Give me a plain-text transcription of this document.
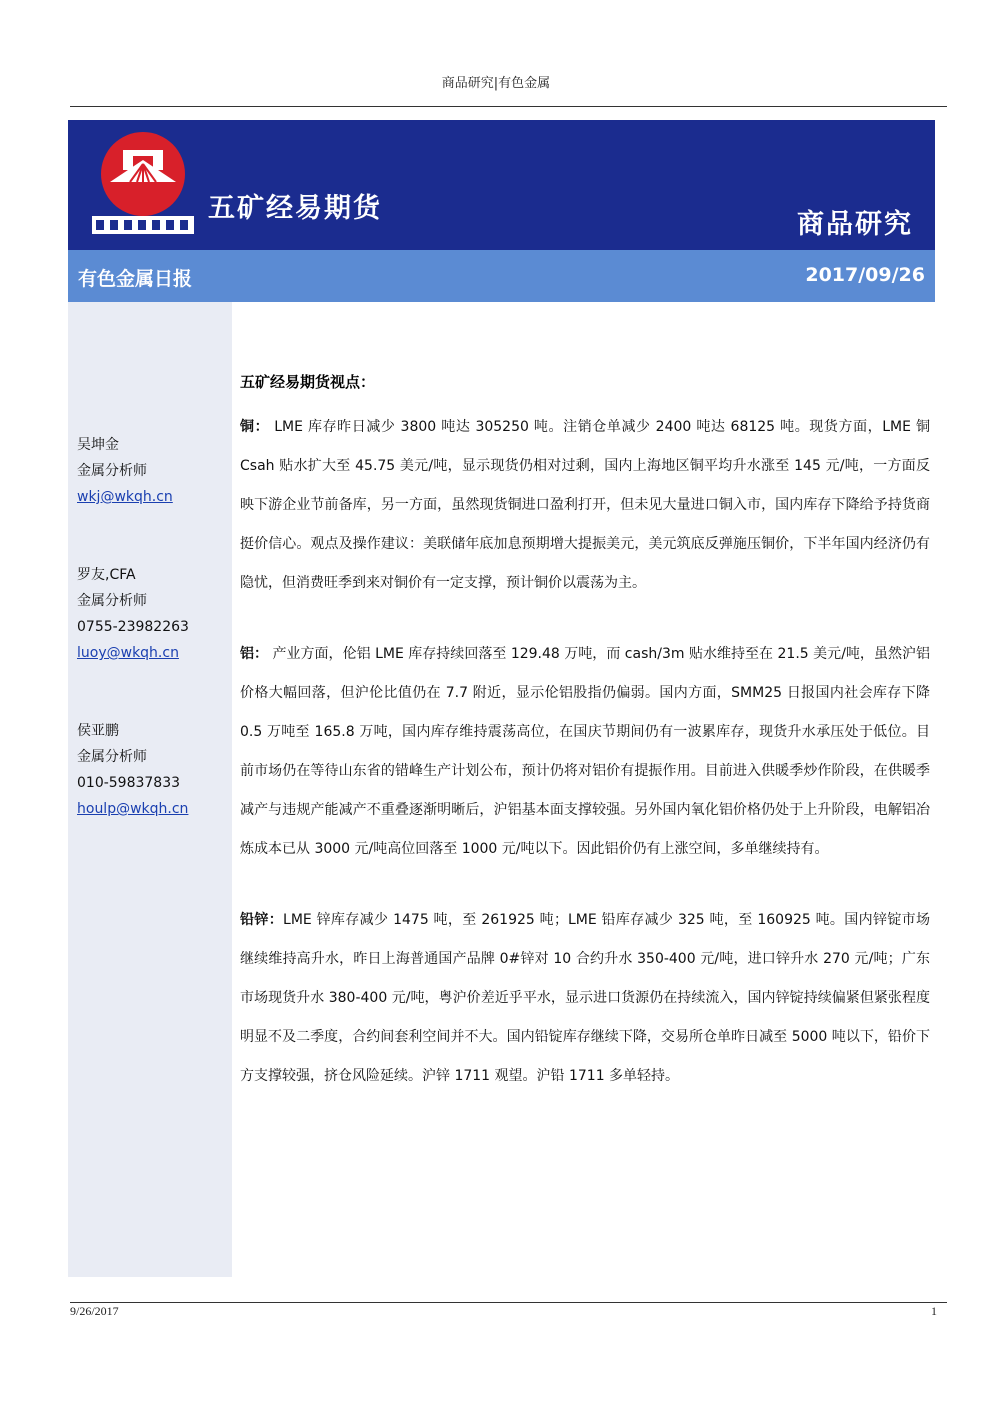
商品研究|有色金属
五矿经易期货
商品研究
有色金属日报	2017/09/26
吴坤金
金属分析师
wkj@wkqh.cn
罗友,CFA
金属分析师
0755-23982263
luoy@wkqh.cn
侯亚鹏
金属分析师
010-59837833
houlp@wkqh.cn
五矿经易期货视点：

铜： LME 库存昨日减少 3800 吨达 305250 吨。注销仓单减少 2400 吨达 68125 吨。现货方面，LME 铜 Csah 贴水扩大至 45.75 美元/吨，显示现货仍相对过剩，国内上海地区铜平均升水涨至 145 元/吨，一方面反映下游企业节前备库，另一方面，虽然现货铜进口盈利打开，但未见大量进口铜入市，国内库存下降给予持货商挺价信心。观点及操作建议：美联储年底加息预期增大提振美元，美元筑底反弹施压铜价，下半年国内经济仍有隐忧，但消费旺季到来对铜价有一定支撑，预计铜价以震荡为主。

铝： 产业方面，伦铝 LME 库存持续回落至 129.48 万吨，而 cash/3m 贴水维持至在 21.5 美元/吨，虽然沪铝价格大幅回落，但沪伦比值仍在 7.7 附近，显示伦铝股指仍偏弱。国内方面，SMM25 日报国内社会库存下降 0.5 万吨至 165.8 万吨，国内库存维持震荡高位，在国庆节期间仍有一波累库存，现货升水承压处于低位。目前市场仍在等待山东省的错峰生产计划公布，预计仍将对铝价有提振作用。目前进入供暖季炒作阶段，在供暖季减产与违规产能减产不重叠逐渐明晰后，沪铝基本面支撑较强。另外国内氧化铝价格仍处于上升阶段，电解铝冶炼成本已从 3000 元/吨高位回落至 1000 元/吨以下。因此铝价仍有上涨空间，多单继续持有。

铅锌：LME 锌库存减少 1475 吨，至 261925 吨；LME 铅库存减少 325 吨，至 160925 吨。国内锌锭市场继续维持高升水，昨日上海普通国产品牌 0#锌对 10 合约升水 350-400 元/吨，进口锌升水 270 元/吨；广东市场现货升水 380-400 元/吨，粤沪价差近乎平水，显示进口货源仍在持续流入，国内锌锭持续偏紧但紧张程度明显不及二季度，合约间套利空间并不大。国内铅锭库存继续下降，交易所仓单昨日减至 5000 吨以下，铅价下方支撑较强，挤仓风险延续。沪锌 1711 观望。沪铅 1711 多单轻持。

9/26/2017	1
